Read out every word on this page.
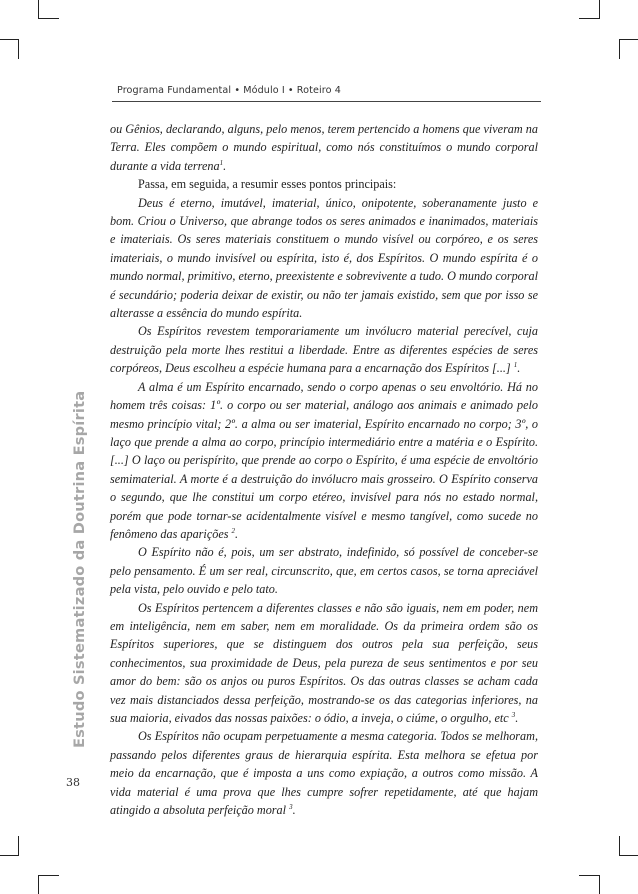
Programa Fundamental • Módulo I • Roteiro 4
Estudo Sistematizado da Doutrina Espírita
38

ou Gênios, declarando, alguns, pelo menos, terem pertencido a homens que viveram na Terra. Eles compõem o mundo espiritual, como nós constituímos o mundo corporal durante a vida terrena$^1$.

Passa, em seguida, a resumir esses pontos principais:

Deus é eterno, imutável, imaterial, único, onipotente, soberanamente justo e bom. Criou o Universo, que abrange todos os seres animados e inanimados, materiais e imateriais. Os seres materiais constituem o mundo visível ou corpóreo, e os seres imateriais, o mundo invisível ou espírita, isto é, dos Espíritos. O mundo espírita é o mundo normal, primitivo, eterno, preexistente e sobrevivente a tudo. O mundo corporal é secundário; poderia deixar de existir, ou não ter jamais existido, sem que por isso se alterasse a essência do mundo espírita.

Os Espíritos revestem temporariamente um invólucro material perecível, cuja destruição pela morte lhes restitui a liberdade. Entre as diferentes espécies de seres corpóreos, Deus escolheu a espécie humana para a encarnação dos Espíritos [...] $^1$.

A alma é um Espírito encarnado, sendo o corpo apenas o seu envoltório. Há no homem três coisas: 1º. o corpo ou ser material, análogo aos animais e animado pelo mesmo princípio vital; 2º. a alma ou ser imaterial, Espírito encarnado no corpo; 3º, o laço que prende a alma ao corpo, princípio intermediário entre a matéria e o Espírito. [...] O laço ou perispírito, que prende ao corpo o Espírito, é uma espécie de envoltório semimaterial. A morte é a destruição do invólucro mais grosseiro. O Espírito conserva o segundo, que lhe constitui um corpo etéreo, invisível para nós no estado normal, porém que pode tornar-se acidentalmente visível e mesmo tangível, como sucede no fenômeno das aparições $^2$.

O Espírito não é, pois, um ser abstrato, indefinido, só possível de conceber-se pelo pensamento. É um ser real, circunscrito, que, em certos casos, se torna apreciável pela vista, pelo ouvido e pelo tato.

Os Espíritos pertencem a diferentes classes e não são iguais, nem em poder, nem em inteligência, nem em saber, nem em moralidade. Os da primeira ordem são os Espíritos superiores, que se distinguem dos outros pela sua perfeição, seus conhecimentos, sua proximidade de Deus, pela pureza de seus sentimentos e por seu amor do bem: são os anjos ou puros Espíritos. Os das outras classes se acham cada vez mais distanciados dessa perfeição, mostrando-se os das categorias inferiores, na sua maioria, eivados das nossas paixões: o ódio, a inveja, o ciúme, o orgulho, etc $^3$.

Os Espíritos não ocupam perpetuamente a mesma categoria. Todos se melhoram, passando pelos diferentes graus de hierarquia espírita. Esta melhora se efetua por meio da encarnação, que é imposta a uns como expiação, a outros como missão. A vida material é uma prova que lhes cumpre sofrer repetidamente, até que hajam atingido a absoluta perfeição moral $^3$.
